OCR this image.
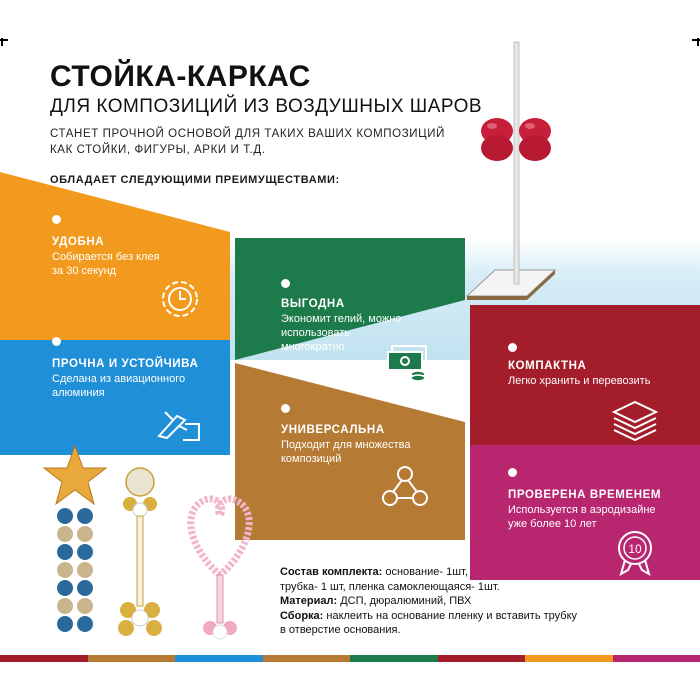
СТОЙКА-КАРКАС
ДЛЯ КОМПОЗИЦИЙ ИЗ ВОЗДУШНЫХ ШАРОВ
СТАНЕТ ПРОЧНОЙ ОСНОВОЙ ДЛЯ ТАКИХ ВАШИХ КОМПОЗИЦИЙ
КАК СТОЙКИ, ФИГУРЫ, АРКИ И Т.Д.
ОБЛАДАЕТ СЛЕДУЮЩИМИ ПРЕИМУЩЕСТВАМИ:
УДОБНА
Собирается без клея
за 30 секунд
ПРОЧНА И УСТОЙЧИВА
Сделана из авиационного
алюминия
ВЫГОДНА
Экономит гелий, можно
использовать
многократно
УНИВЕРСАЛЬНА
Подходит для множества
композиций
КОМПАКТНА
Легко хранить и перевозить
ПРОВЕРЕНА ВРЕМЕНЕМ
Используется в аэродизайне
уже более 10 лет
10
Состав комплекта: основание- 1шт,
трубка- 1 шт, пленка самоклеющаяся- 1шт.
Материал: ДСП, дюралюминий, ПВХ
Сборка: наклеить на основание пленку и вставить трубку
в отверстие основания.
